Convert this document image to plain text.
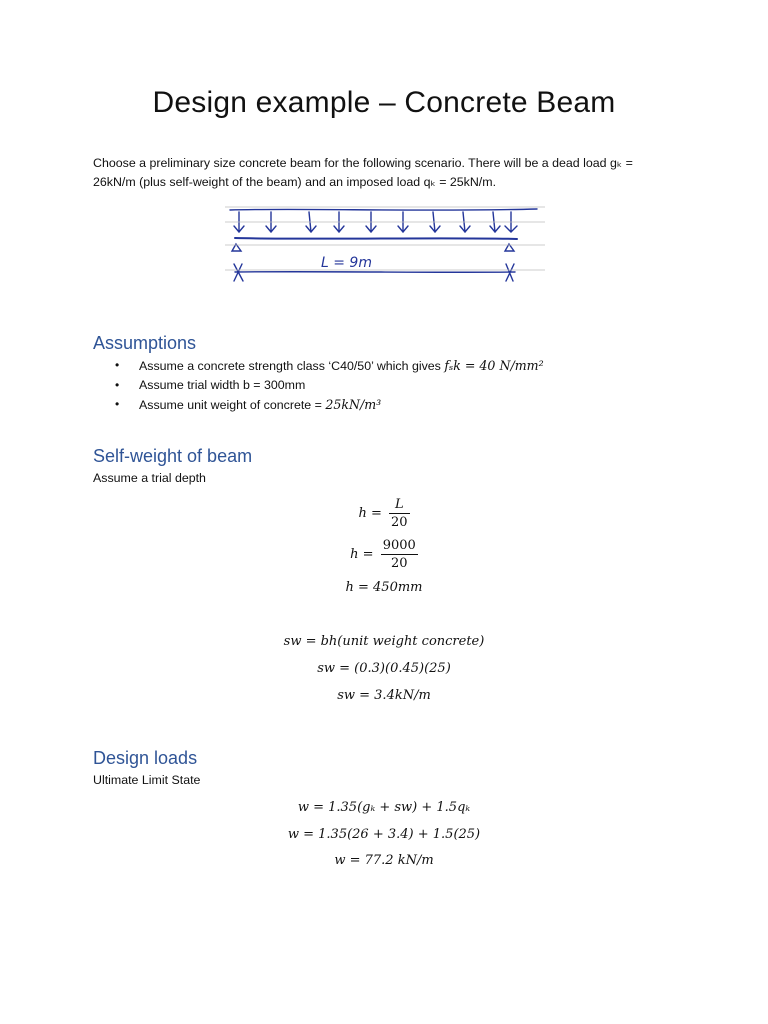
Design example – Concrete Beam
Choose a preliminary size concrete beam for the following scenario. There will be a dead load gₖ = 26kN/m (plus self-weight of the beam) and an imposed load qₖ = 25kN/m.
L = 9m
Assumptions
• Assume a concrete strength class ‘C40/50’ which gives fₛk = 40 N/mm²
• Assume trial width b = 300mm
• Assume unit weight of concrete = 25kN/m³
Self-weight of beam
Assume a trial depth
$h = \frac{L}{20}$
$h = \frac{9000}{20}$
h = 450mm
sw = bh(unit weight concrete)
sw = (0.3)(0.45)(25)
sw = 3.4kN/m
Design loads
Ultimate Limit State
w = 1.35(gₖ + sw) + 1.5qₖ
w = 1.35(26 + 3.4) + 1.5(25)
w = 77.2 kN/m
